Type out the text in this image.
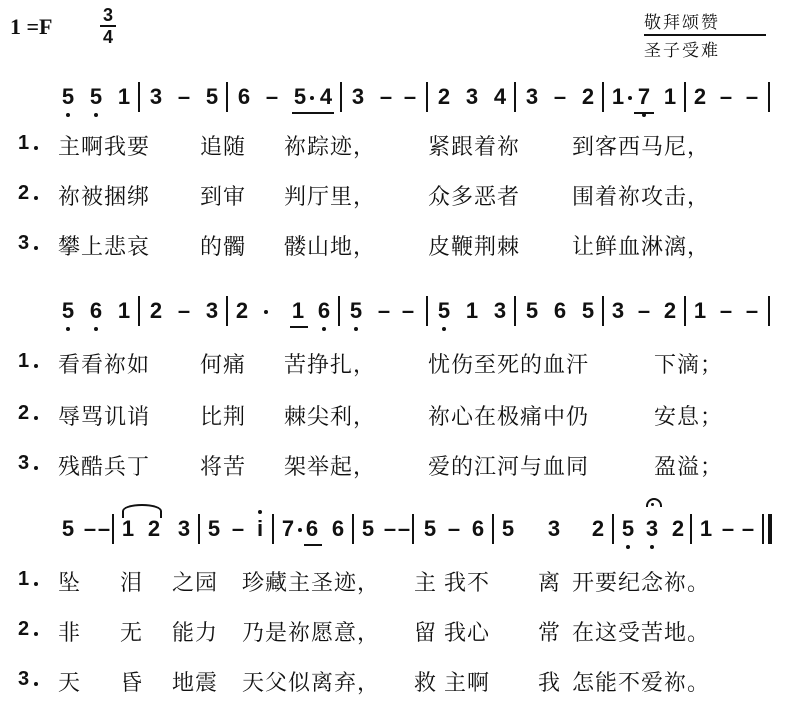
1 =F	3
4
敬拜颂赞
圣子受难
5 5 1 3 – 5 6 – 5 4 3 – – 2 3 4 3 – 2 1 7 1 2 – –
1 主啊我要 追随 祢踪迹， 紧跟着祢 到客西马尼，
2 祢被捆绑 到审 判厅里， 众多恶者 围着祢攻击，
3 攀上悲哀 的髑 髅山地， 皮鞭荆棘 让鲜血淋漓，
5 6 1 2 – 3 2 1 6 5 – – 5 1 3 5 6 5 3 – 2 1 – –
1 看看祢如 何痛 苦挣扎， 忧伤至死的血汗	下滴；
2 辱骂讥诮 比荆 棘尖利， 祢心在极痛中仍	安息；
3 残酷兵丁 将苦 架举起， 爱的江河与血同	盈溢；
5 – – 1 2 3 5 – i 7 6 6 5 – – 5 – 6 5 3 2 5 3 2 1 – –
1 坠 泪 之园 珍藏主圣迹， 主 我不 离 开要纪念祢。
2 非 无 能力 乃是祢愿意， 留 我心 常 在这受苦地。
3 天 昏 地震 天父似离弃， 救 主啊 我 怎能不爱祢。
